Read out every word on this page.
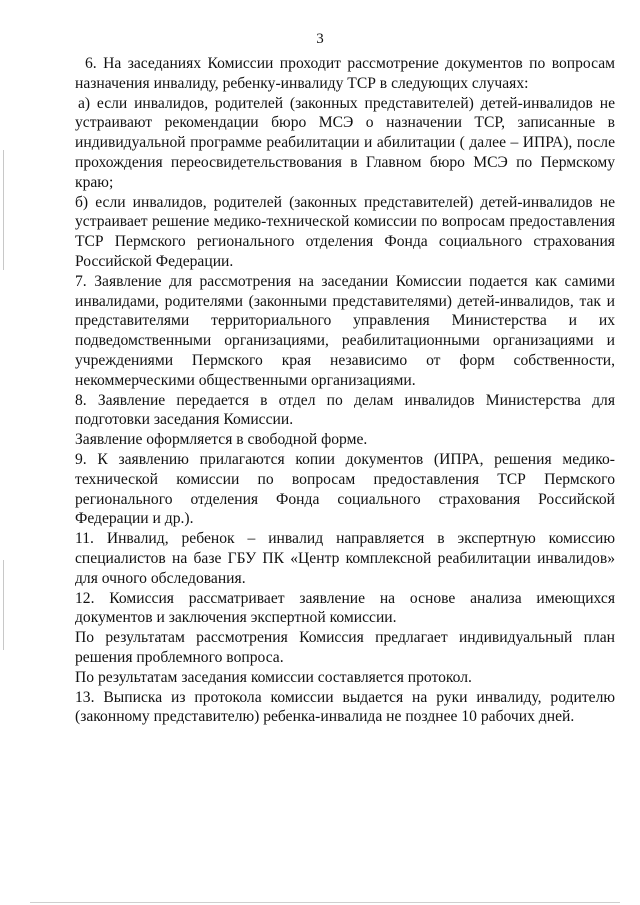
3

6. На заседаниях Комиссии проходит рассмотрение документов по вопросам назначения инвалиду, ребенку-инвалиду ТСР в следующих случаях:

а) если инвалидов, родителей (законных представителей) детей-инвалидов не устраивают рекомендации бюро МСЭ о назначении ТСР, записанные в индивидуальной программе реабилитации и абилитации ( далее – ИПРА), после прохождения переосвидетельствования в Главном бюро МСЭ по Пермскому краю;

б) если инвалидов, родителей (законных представителей) детей-инвалидов не устраивает решение медико-технической комиссии по вопросам предоставления ТСР Пермского регионального отделения Фонда социального страхования Российской Федерации.

7. Заявление для рассмотрения на заседании Комиссии подается как самими инвалидами, родителями (законными представителями) детей-инвалидов, так и представителями территориального управления Министерства и их подведомственными организациями, реабилитационными организациями и учреждениями Пермского края независимо от форм собственности, некоммерческими общественными организациями.

8. Заявление передается в отдел по делам инвалидов Министерства для подготовки заседания Комиссии.

Заявление оформляется в свободной форме.

9. К заявлению прилагаются копии документов (ИПРА, решения медико-технической комиссии по вопросам предоставления ТСР Пермского регионального отделения Фонда социального страхования Российской Федерации и др.).

11. Инвалид, ребенок – инвалид направляется в экспертную комиссию специалистов на базе ГБУ ПК «Центр комплексной реабилитации инвалидов» для очного обследования.

12. Комиссия рассматривает заявление на основе анализа имеющихся документов и заключения экспертной комиссии.

По результатам рассмотрения Комиссия предлагает индивидуальный план решения проблемного вопроса.

По результатам заседания комиссии составляется протокол.

13. Выписка из протокола комиссии выдается на руки инвалиду, родителю (законному представителю) ребенка-инвалида не позднее 10 рабочих дней.
